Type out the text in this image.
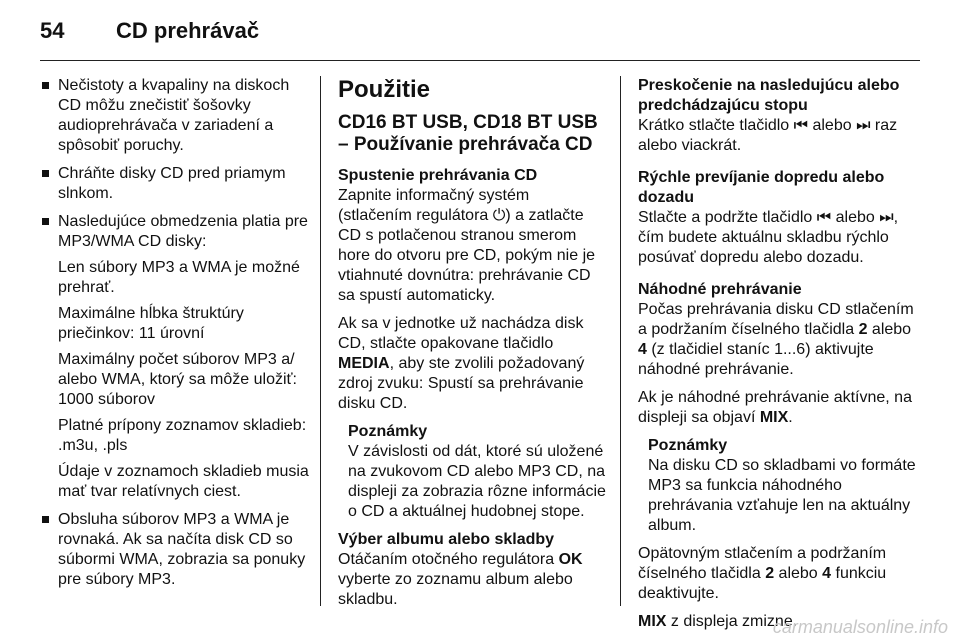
54	CD prehrávač
Nečistoty a kvapaliny na diskoch CD môžu znečistiť šošovky audioprehrávača v zariadení a spôsobiť poruchy.
Chráňte disky CD pred priamym slnkom.
Nasledujúce obmedzenia platia pre MP3/WMA CD disky:

Len súbory MP3 a WMA je možné prehrať.

Maximálne hĺbka štruktúry priečinkov: 11 úrovní

Maximálny počet súborov MP3 a/ alebo WMA, ktorý sa môže uložiť: 1000 súborov

Platné prípony zoznamov skladieb: .m3u, .pls

Údaje v zoznamoch skladieb musia mať tvar relatívnych ciest.

Obsluha súborov MP3 a WMA je rovnaká. Ak sa načíta disk CD so súbormi WMA, zobrazia sa ponuky pre súbory MP3.
Použitie
CD16 BT USB, CD18 BT USB – Používanie prehrávača CD
Spustenie prehrávania CD

Zapnite informačný systém (stlačením regulátora ⏻) a zatlačte CD s potlačenou stranou smerom hore do otvoru pre CD, pokým nie je vtiahnuté dovnútra: prehrávanie CD sa spustí automaticky.

Ak sa v jednotke už nachádza disk CD, stlačte opakovane tlačidlo MEDIA, aby ste zvolili požadovaný zdroj zvuku: Spustí sa prehrávanie disku CD.

Poznámky
V závislosti od dát, ktoré sú uložené na zvukovom CD alebo MP3 CD, na displeji za zobrazia rôzne informácie o CD a aktuálnej hudobnej stope.
Výber albumu alebo skladby

Otáčaním otočného regulátora OK vyberte zo zoznamu album alebo skladbu.

Preskočenie na nasledujúcu alebo predchádzajúcu stopu
Krátko stlačte tlačidlo ⏮ alebo ⏭ raz alebo viackrát.
Rýchle prevíjanie dopredu alebo dozadu
Stlačte a podržte tlačidlo ⏮ alebo ⏭, čím budete aktuálnu skladbu rýchlo posúvať dopredu alebo dozadu.
Náhodné prehrávanie

Počas prehrávania disku CD stlačením a podržaním číselného tlačidla 2 alebo 4 (z tlačidiel staníc 1...6) aktivujte náhodné prehrávanie.

Ak je náhodné prehrávanie aktívne, na displeji sa objaví MIX.

Poznámky
Na disku CD so skladbami vo formáte MP3 sa funkcia náhodného prehrávania vzťahuje len na aktuálny album.

Opätovným stlačením a podržaním číselného tlačidla 2 alebo 4 funkciu deaktivujte.

MIX z displeja zmizne.

carmanualsonline.info
